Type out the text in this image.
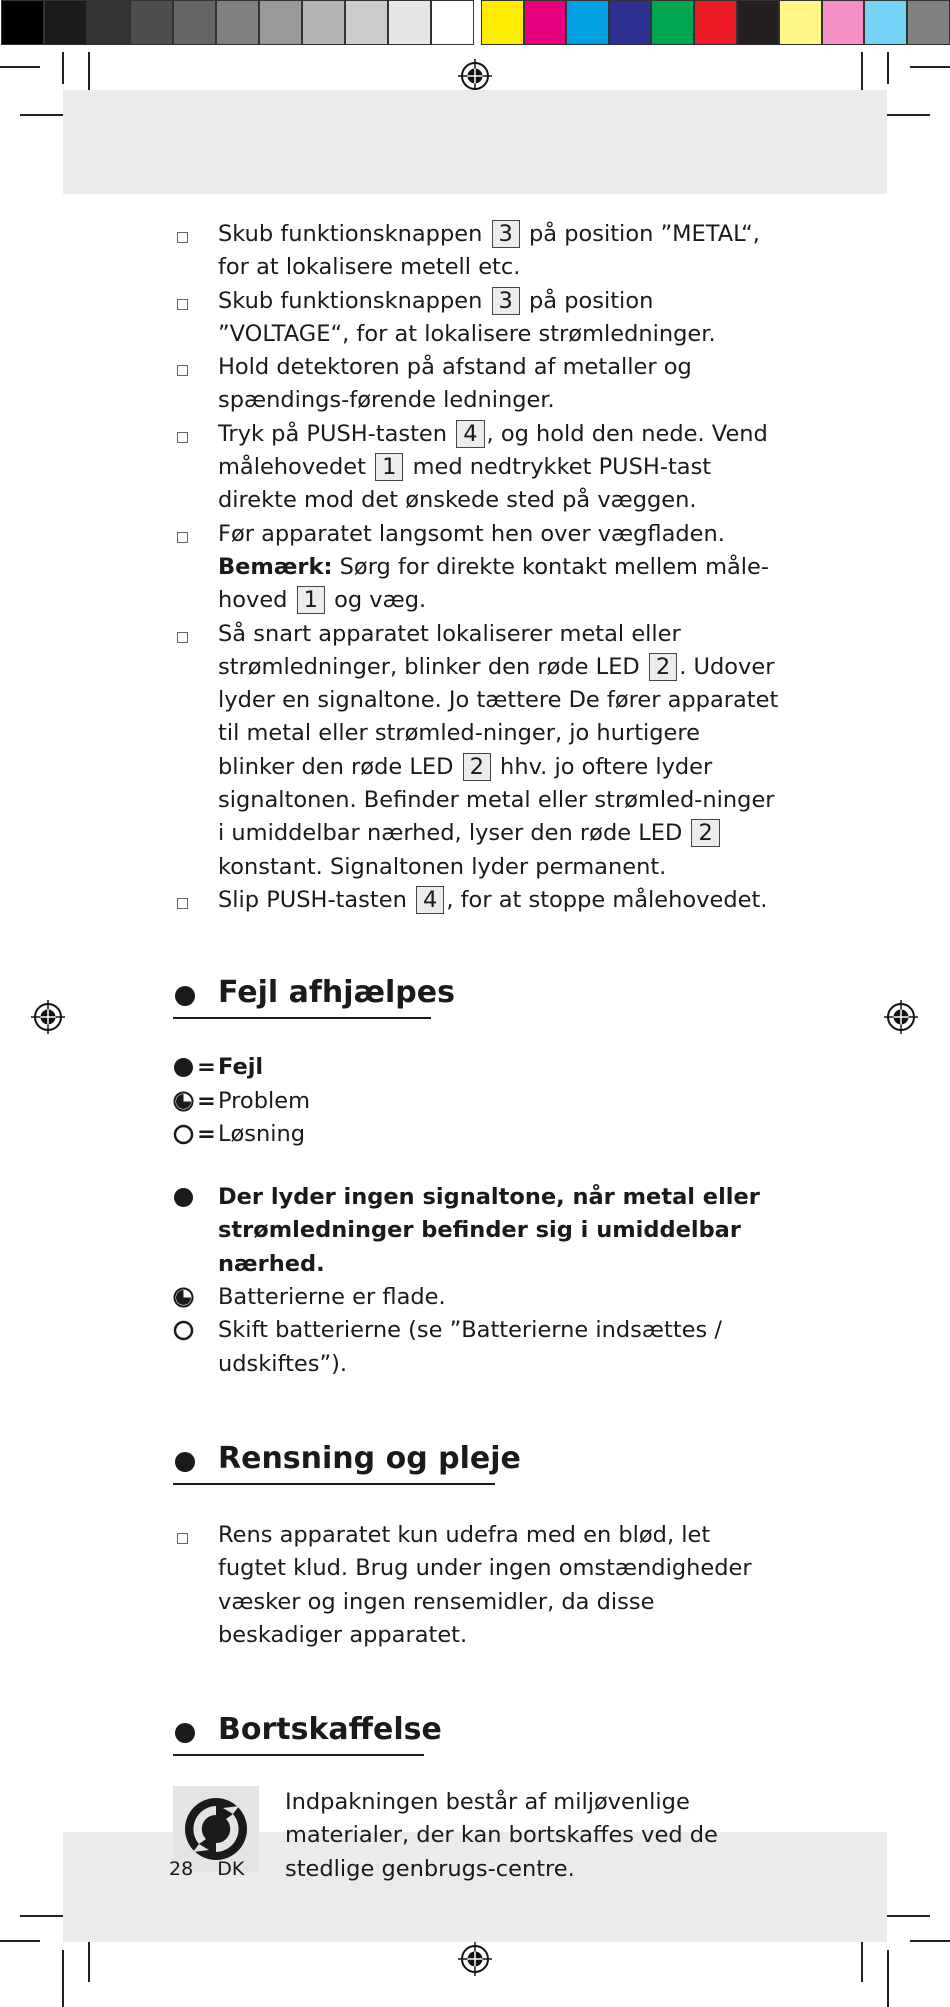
Skub funktionsknappen 3 på position ”METAL“, for at lokalisere metell etc.
Skub funktionsknappen 3 på position ”VOLTAGE“, for at lokalisere strømledninger.
Hold detektoren på afstand af metaller og spændings-førende ledninger.
Tryk på PUSH-tasten 4 , og hold den nede. Vend målehovedet 1 med nedtrykket PUSH-tast direkte mod det ønskede sted på væggen.
Før apparatet langsomt hen over vægfladen.
Bemærk: Sørg for direkte kontakt mellem måle-hoved 1 og væg.
Så snart apparatet lokaliserer metal eller strømledninger, blinker den røde LED 2 . Udover lyder en signaltone. Jo tættere De fører apparatet til metal eller strømled-ninger, jo hurtigere blinker den røde LED 2 hhv. jo oftere lyder signaltonen. Befinder metal eller strømled-ninger i umiddelbar nærhed, lyser den røde LED 2 konstant. Signaltonen lyder permanent.
Slip PUSH-tasten 4 , for at stoppe målehovedet.
Fejl afhjælpes
= Fejl
= Problem
= Løsning
Der lyder ingen signaltone, når metal eller strømledninger befinder sig i umiddelbar nærhed.
Batterierne er flade.
Skift batterierne (se ”Batterierne indsættes / udskiftes”).
Rensning og pleje
Rens apparatet kun udefra med en blød, let fugtet klud. Brug under ingen omstændigheder væsker og ingen rensemidler, da disse beskadiger apparatet.
Bortskaffelse
Indpakningen består af miljøvenlige materialer, der kan bortskaffes ved de stedlige genbrugs-centre.
28 DK
